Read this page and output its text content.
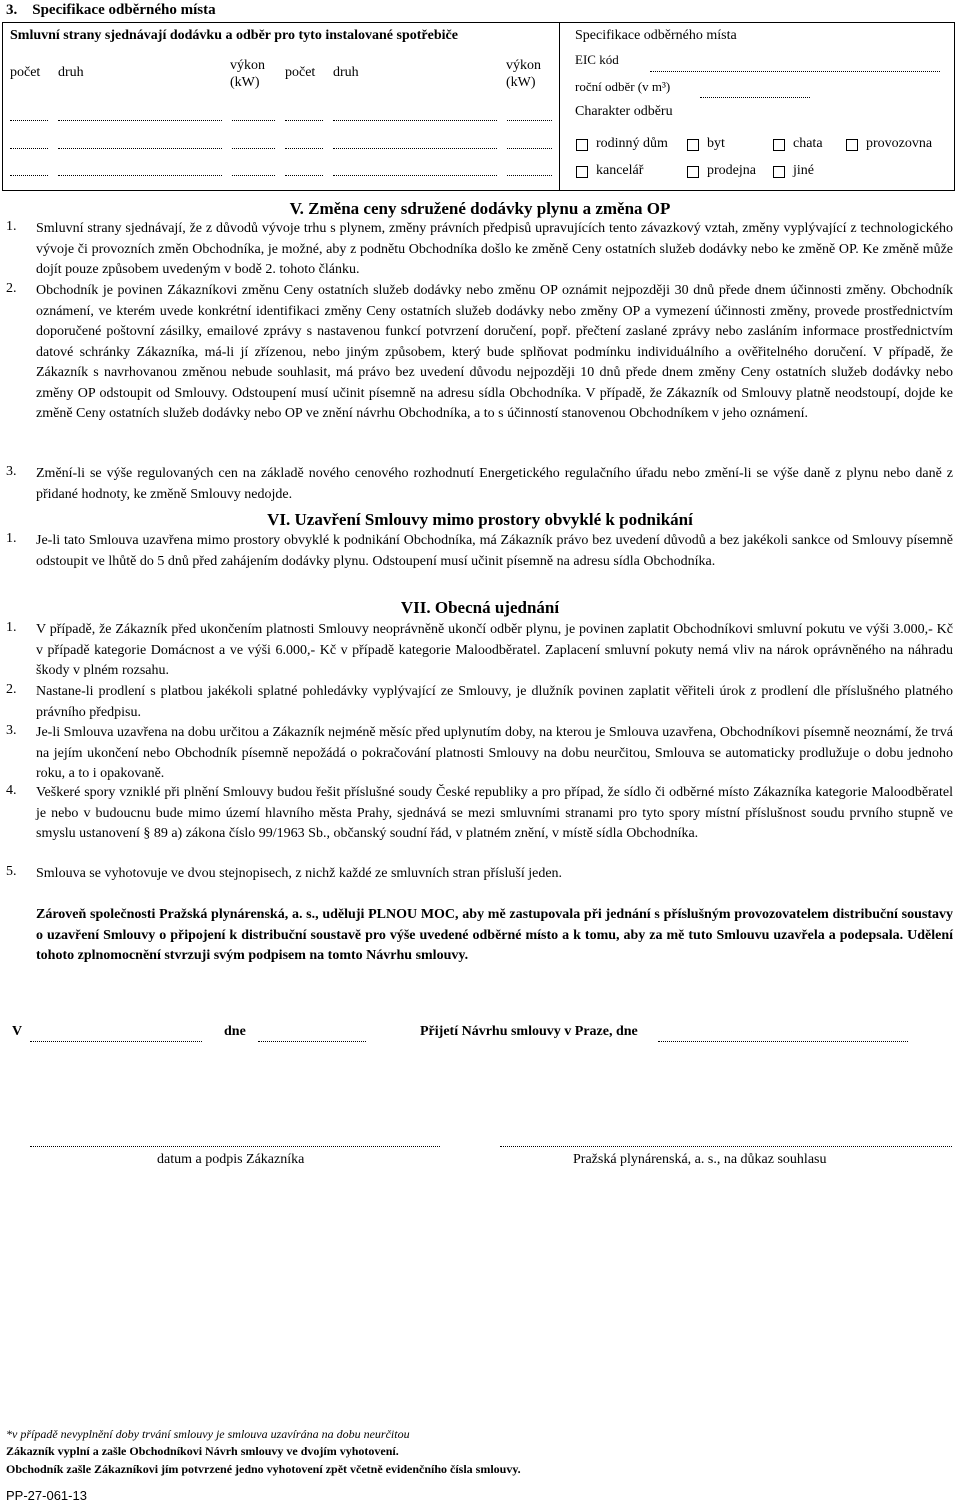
3.    Specifikace odběrného místa
Smluvní strany sjednávají dodávku a odběr pro tyto instalované spotřebiče
počet druh	výkon
(kW)
počet druh	výkon
(kW)
Specifikace odběrného místa
EIC kód
roční odběr (v m³)
Charakter odběru
rodinný dům	byt	chata	provozovna
kancelář	prodejna	jiné
V. Změna ceny sdružené dodávky plynu a změna OP
1. Smluvní strany sjednávají, že z důvodů vývoje trhu s plynem, změny právních předpisů upravujících tento závazkový vztah, změny vyplývající z technologického vývoje či provozních změn Obchodníka, je možné, aby z podnětu Obchodníka došlo ke změně Ceny ostatních služeb dodávky nebo ke změně OP. Ke změně může dojít pouze způsobem uvedeným v bodě 2. tohoto článku.
2. Obchodník je povinen Zákazníkovi změnu Ceny ostatních služeb dodávky nebo změnu OP oznámit nejpozději 30 dnů přede dnem účinnosti změny. Obchodník oznámení, ve kterém uvede konkrétní identifikaci změny Ceny ostatních služeb dodávky nebo změny OP a vymezení účinnosti změny, provede prostřednictvím doporučené poštovní zásilky, emailové zprávy s nastavenou funkcí potvrzení doručení, popř. přečtení zaslané zprávy nebo zasláním informace prostřednictvím datové schránky Zákazníka, má-li jí zřízenou, nebo jiným způsobem, který bude splňovat podmínku individuálního a ověřitelného doručení. V případě, že Zákazník s navrhovanou změnou nebude souhlasit, má právo bez uvedení důvodu nejpozději 10 dnů přede dnem změny Ceny ostatních služeb dodávky nebo změny OP odstoupit od Smlouvy. Odstoupení musí učinit písemně na adresu sídla Obchodníka. V případě, že Zákazník od Smlouvy platně neodstoupí, dojde ke změně Ceny ostatních služeb dodávky nebo OP ve znění návrhu Obchodníka, a to s účinností stanovenou Obchodníkem v jeho oznámení.
3. Změní-li se výše regulovaných cen na základě nového cenového rozhodnutí Energetického regulačního úřadu nebo změní-li se výše daně z plynu nebo daně z přidané hodnoty, ke změně Smlouvy nedojde.
VI. Uzavření Smlouvy mimo prostory obvyklé k podnikání
1. Je-li tato Smlouva uzavřena mimo prostory obvyklé k podnikání Obchodníka, má Zákazník právo bez uvedení důvodů a bez jakékoli sankce od Smlouvy písemně odstoupit ve lhůtě do 5 dnů před zahájením dodávky plynu. Odstoupení musí učinit písemně na adresu sídla Obchodníka.
VII. Obecná ujednání
1. V případě, že Zákazník před ukončením platnosti Smlouvy neoprávněně ukončí odběr plynu, je povinen zaplatit Obchodníkovi smluvní pokutu ve výši 3.000,- Kč v případě kategorie Domácnost a ve výši 6.000,- Kč v případě kategorie Maloodběratel. Zaplacení smluvní pokuty nemá vliv na nárok oprávněného na náhradu škody v plném rozsahu.
2. Nastane-li prodlení s platbou jakékoli splatné pohledávky vyplývající ze Smlouvy, je dlužník povinen zaplatit věřiteli úrok z prodlení dle příslušného platného právního předpisu.
3. Je-li Smlouva uzavřena na dobu určitou a Zákazník nejméně měsíc před uplynutím doby, na kterou je Smlouva uzavřena, Obchodníkovi písemně neoznámí, že trvá na jejím ukončení nebo Obchodník písemně nepožádá o pokračování platnosti Smlouvy na dobu neurčitou, Smlouva se automaticky prodlužuje o dobu jednoho roku, a to i opakovaně.
4. Veškeré spory vzniklé při plnění Smlouvy budou řešit příslušné soudy České republiky a pro případ, že sídlo či odběrné místo Zákazníka kategorie Maloodběratel je nebo v budoucnu bude mimo území hlavního města Prahy, sjednává se mezi smluvními stranami pro tyto spory místní příslušnost soudu prvního stupně ve smyslu ustanovení § 89 a) zákona číslo 99/1963 Sb., občanský soudní řád, v platném znění, v místě sídla Obchodníka.
5. Smlouva se vyhotovuje ve dvou stejnopisech, z nichž každé ze smluvních stran přísluší jeden.
Zároveň společnosti Pražská plynárenská, a. s., uděluji PLNOU MOC, aby mě zastupovala při jednání s příslušným provozovatelem distribuční soustavy o uzavření Smlouvy o připojení k distribuční soustavě pro výše uvedené odběrné místo a k tomu, aby za mě tuto Smlouvu uzavřela a podepsala. Udělení tohoto zplnomocnění stvrzuji svým podpisem na tomto Návrhu smlouvy.
V	dne	Přijetí Návrhu smlouvy v Praze, dne
datum a podpis Zákazníka	Pražská plynárenská, a. s., na důkaz souhlasu
*v případě nevyplnění doby trvání smlouvy je smlouva uzavírána na dobu neurčitou
Zákazník vyplní a zašle Obchodníkovi Návrh smlouvy ve dvojím vyhotovení.
Obchodník zašle Zákazníkovi jím potvrzené jedno vyhotovení zpět včetně evidenčního čísla smlouvy.
PP-27-061-13
